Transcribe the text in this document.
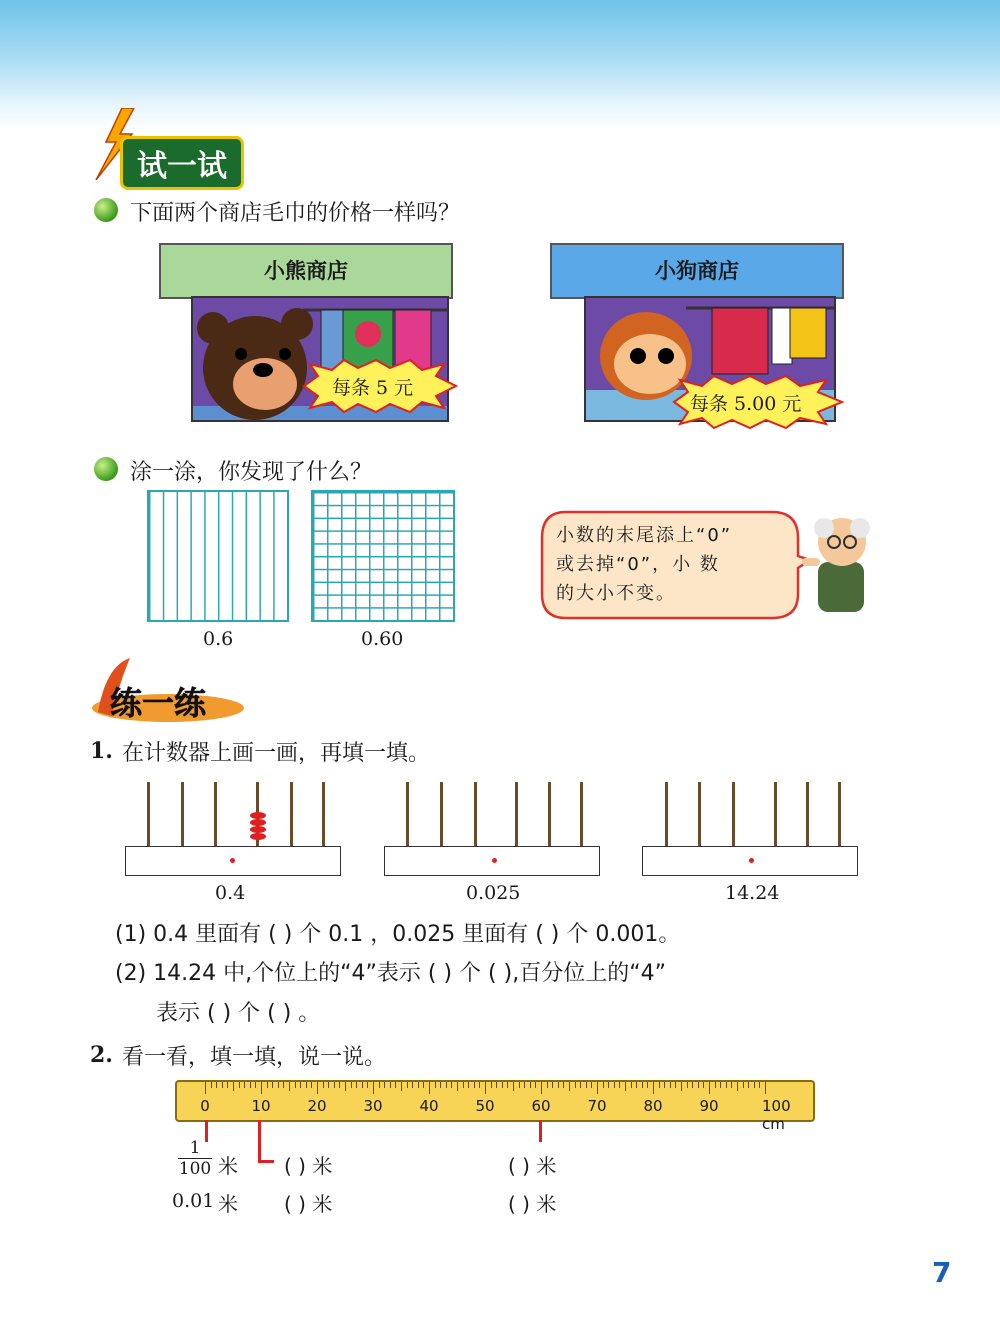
试一试
下面两个商店毛巾的价格一样吗？
小熊商店
每条 5 元
小狗商店
每条 5.00 元
涂一涂，你发现了什么？
0.6	0.60
小数的末尾添上“0”
或去掉“0”，小 数
的大小不变。
练一练
1. 在计数器上画一画，再填一填。
0.4	0.025	14.24
(1) 0.4 里面有 ( ) 个 0.1 ，0.025 里面有 ( ) 个 0.001。
(2) 14.24 中,个位上的“4”表示 ( ) 个 ( ),百分位上的“4”
表示 ( ) 个 ( ) 。
2. 看一看，填一填，说一说。
0	10 20 30 40 50 60 70 80 90	100 cm
$\frac{1}{100}$ 米 ( ) 米	( ) 米
0.01 米 ( ) 米	( ) 米
7
